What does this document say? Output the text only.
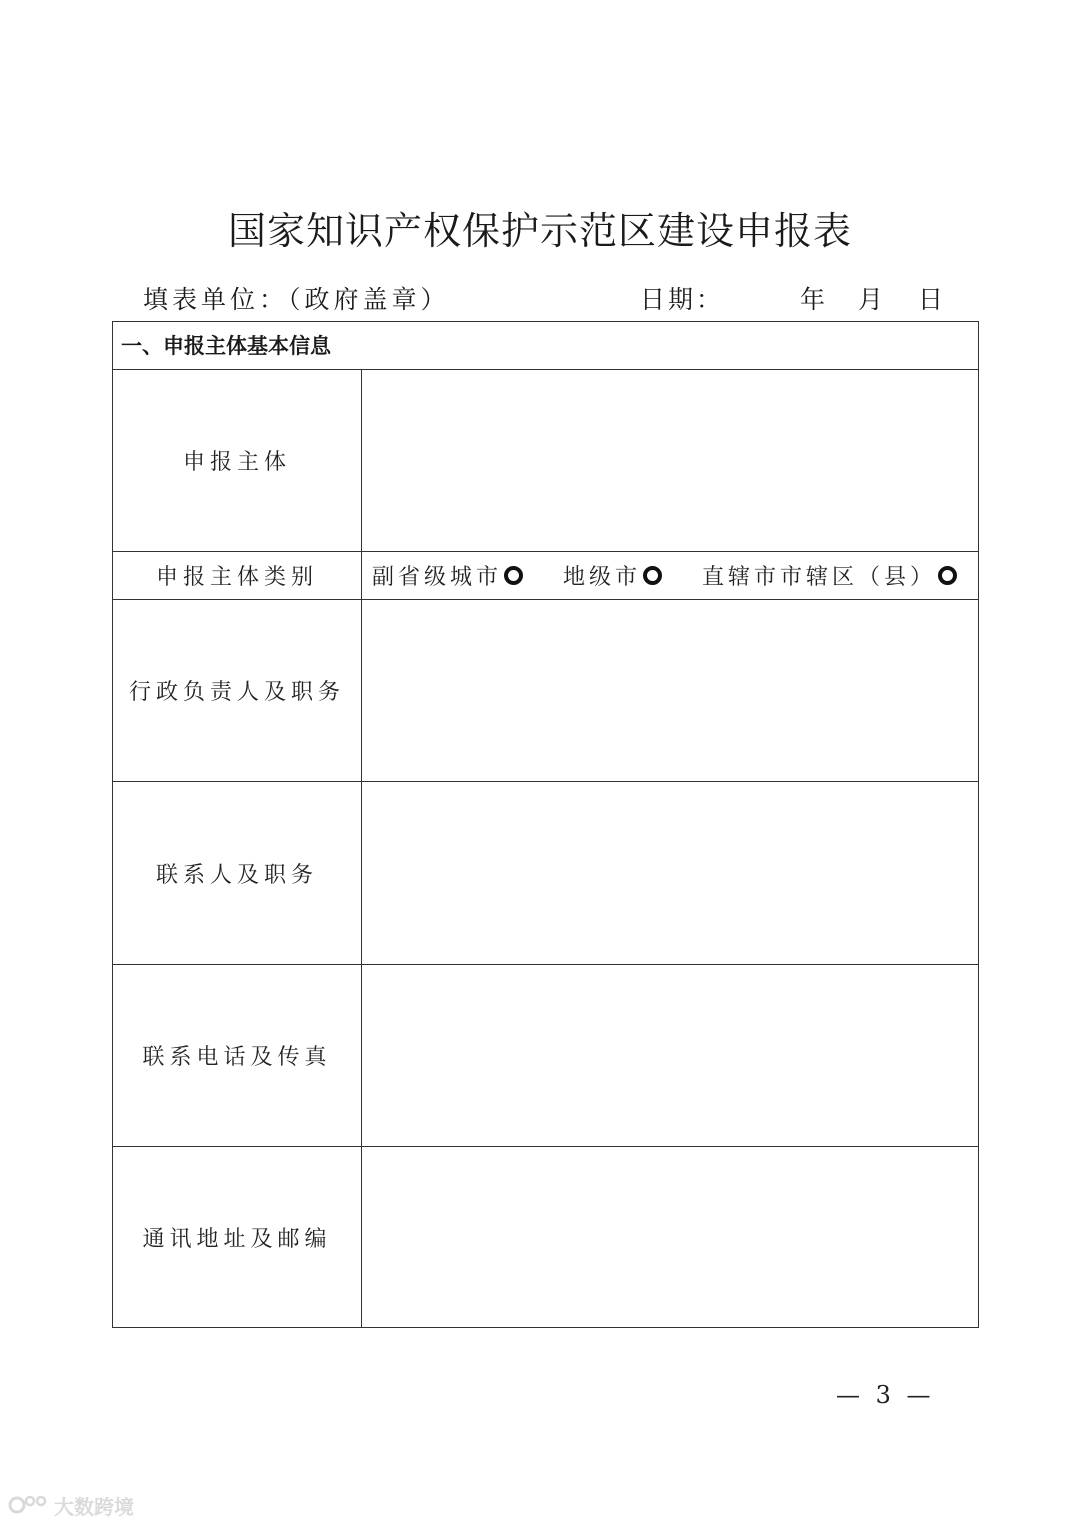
国家知识产权保护示范区建设申报表
填表单位：（政府盖章）	日期：	年 月 日
一、申报主体基本信息
申报主体
申报主体类别	副省级城市	地级市	直辖市市辖区（县）
行政负责人及职务
联系人及职务
联系电话及传真
通讯地址及邮编
— 3 —
大数跨境
